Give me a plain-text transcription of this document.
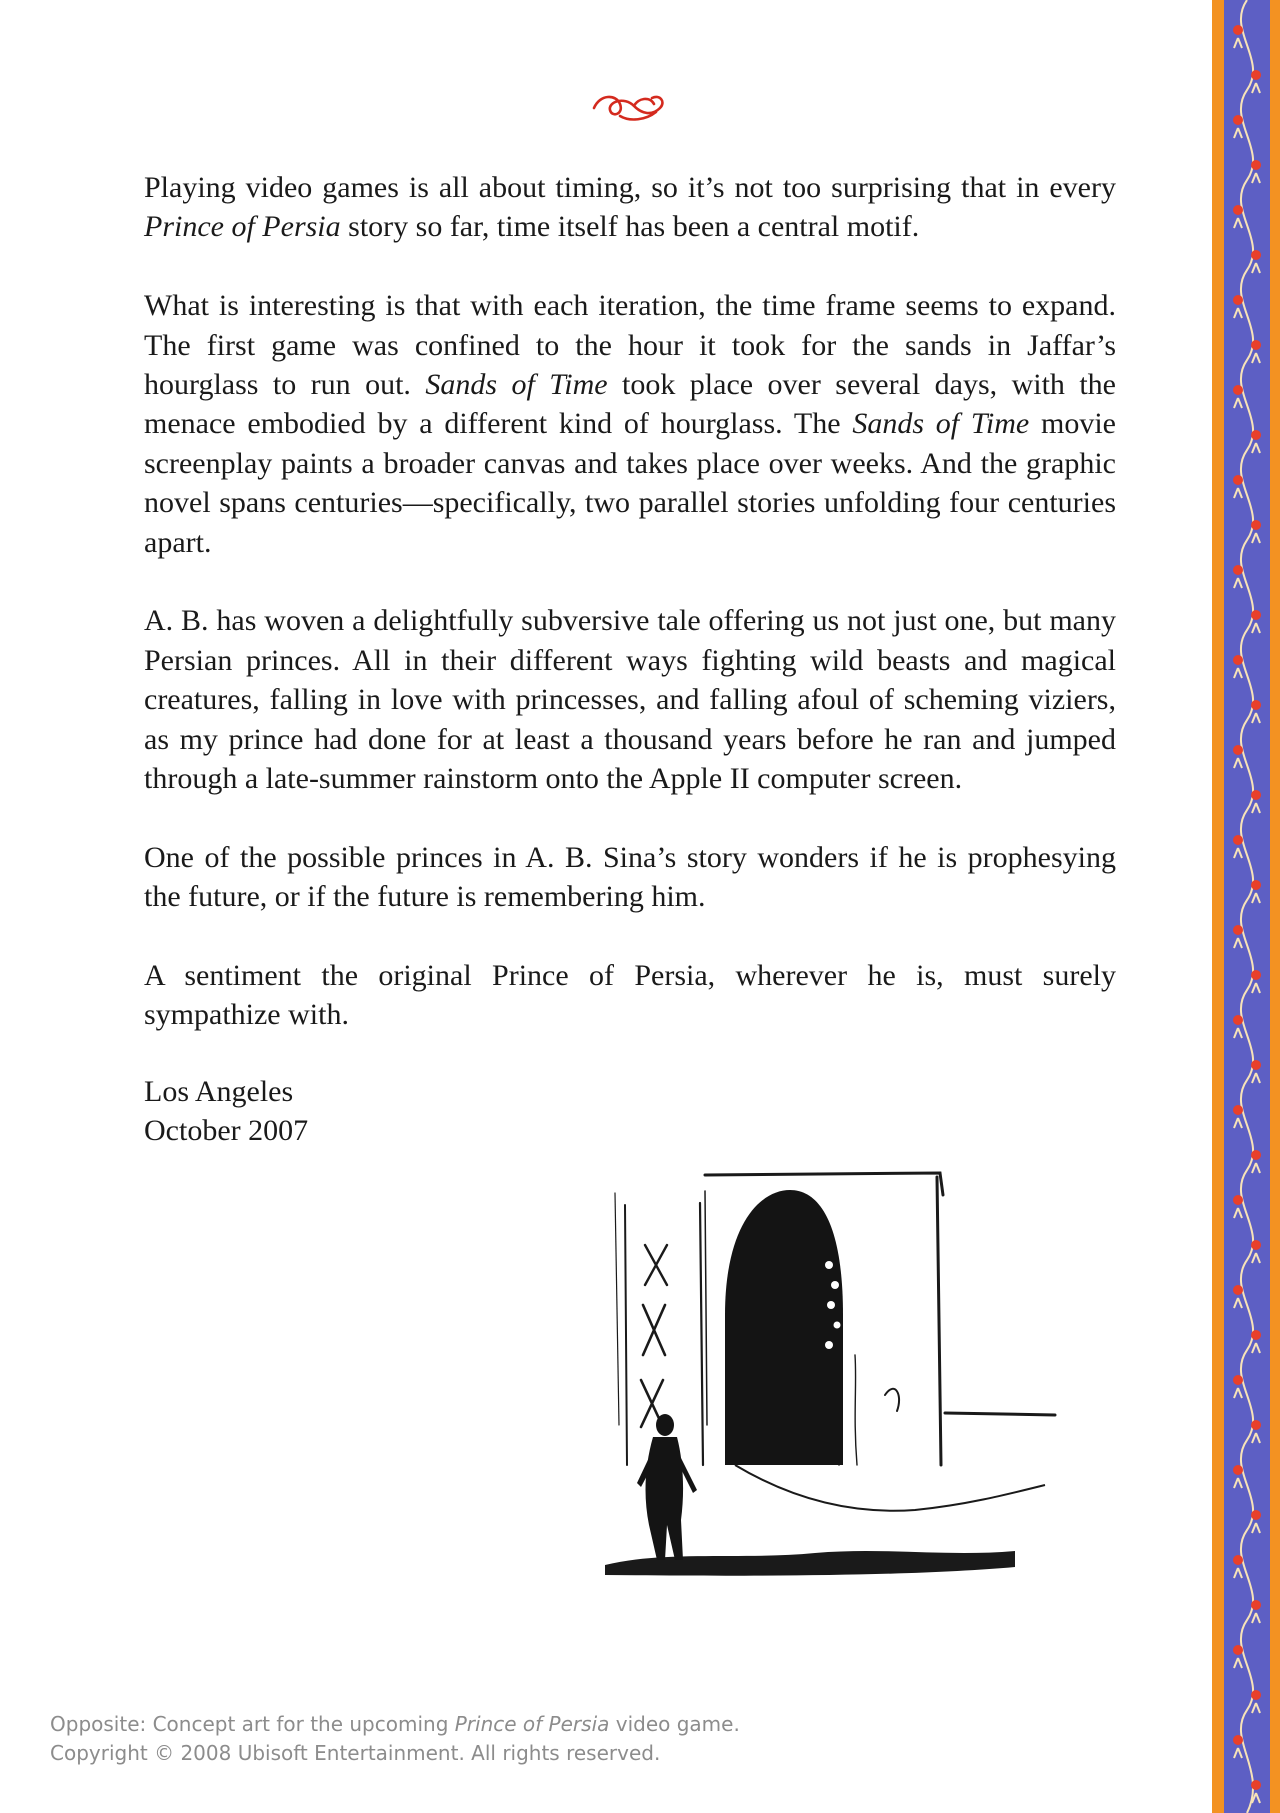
Playing video games is all about timing, so it’s not too surprising that in every Prince of Persia story so far, time itself has been a central motif.

What is interesting is that with each iteration, the time frame seems to expand. The first game was confined to the hour it took for the sands in Jaffar’s hourglass to run out. Sands of Time took place over several days, with the menace embodied by a different kind of hourglass. The Sands of Time movie screenplay paints a broader canvas and takes place over weeks. And the graphic novel spans centuries—specifically, two parallel stories unfolding four centuries apart.

A. B. has woven a delightfully subversive tale offering us not just one, but many Persian princes. All in their different ways fighting wild beasts and magical creatures, falling in love with princesses, and falling afoul of scheming viziers, as my prince had done for at least a thousand years before he ran and jumped through a late-summer rainstorm onto the Apple II computer screen.

One of the possible princes in A. B. Sina’s story wonders if he is prophesying the future, or if the future is remembering him.

A sentiment the original Prince of Persia, wherever he is, must surely sympathize with.

Los Angeles
October 2007
Opposite: Concept art for the upcoming Prince of Persia video game.
Copyright © 2008 Ubisoft Entertainment. All rights reserved.
